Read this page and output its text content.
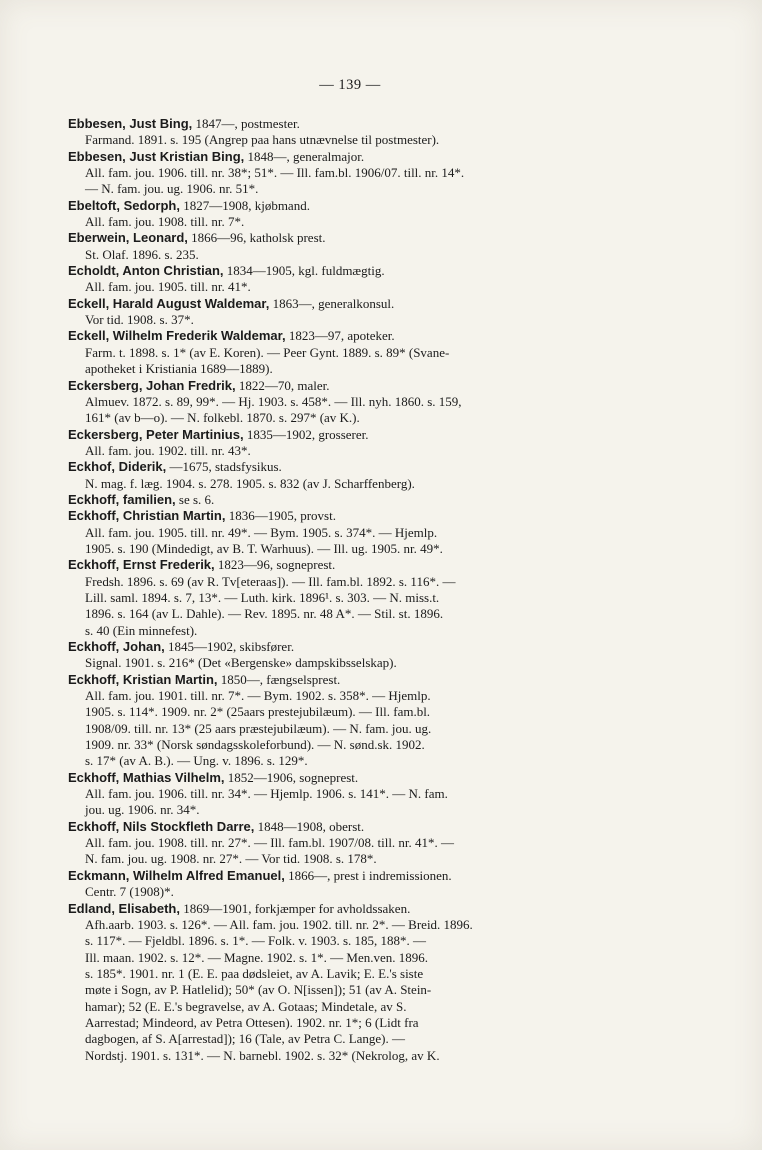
— 139 —
Ebbesen, Just Bing, 1847—, postmester.
Farmand. 1891. s. 195 (Angrep paa hans utnævnelse til postmester).
Ebbesen, Just Kristian Bing, 1848—, generalmajor.
All. fam. jou. 1906. till. nr. 38*; 51*. — Ill. fam.bl. 1906/07. till. nr. 14*.
— N. fam. jou. ug. 1906. nr. 51*.
Ebeltoft, Sedorph, 1827—1908, kjøbmand.
All. fam. jou. 1908. till. nr. 7*.
Eberwein, Leonard, 1866—96, katholsk prest.
St. Olaf. 1896. s. 235.
Echoldt, Anton Christian, 1834—1905, kgl. fuldmægtig.
All. fam. jou. 1905. till. nr. 41*.
Eckell, Harald August Waldemar, 1863—, generalkonsul.
Vor tid. 1908. s. 37*.
Eckell, Wilhelm Frederik Waldemar, 1823—97, apoteker.
Farm. t. 1898. s. 1* (av E. Koren). — Peer Gynt. 1889. s. 89* (Svane-
apotheket i Kristiania 1689—1889).
Eckersberg, Johan Fredrik, 1822—70, maler.
Almuev. 1872. s. 89, 99*. — Hj. 1903. s. 458*. — Ill. nyh. 1860. s. 159,
161* (av b—o). — N. folkebl. 1870. s. 297* (av K.).
Eckersberg, Peter Martinius, 1835—1902, grosserer.
All. fam. jou. 1902. till. nr. 43*.
Eckhof, Diderik, —1675, stadsfysikus.
N. mag. f. læg. 1904. s. 278. 1905. s. 832 (av J. Scharffenberg).
Eckhoff, familien, se s. 6.
Eckhoff, Christian Martin, 1836—1905, provst.
All. fam. jou. 1905. till. nr. 49*. — Bym. 1905. s. 374*. — Hjemlp.
1905. s. 190 (Mindedigt, av B. T. Warhuus). — Ill. ug. 1905. nr. 49*.
Eckhoff, Ernst Frederik, 1823—96, sogneprest.
Fredsh. 1896. s. 69 (av R. Tv[eteraas]). — Ill. fam.bl. 1892. s. 116*. —
Lill. saml. 1894. s. 7, 13*. — Luth. kirk. 1896¹. s. 303. — N. miss.t.
1896. s. 164 (av L. Dahle). — Rev. 1895. nr. 48 A*. — Stil. st. 1896.
s. 40 (Ein minnefest).
Eckhoff, Johan, 1845—1902, skibsfører.
Signal. 1901. s. 216* (Det «Bergenske» dampskibsselskap).
Eckhoff, Kristian Martin, 1850—, fængselsprest.
All. fam. jou. 1901. till. nr. 7*. — Bym. 1902. s. 358*. — Hjemlp.
1905. s. 114*. 1909. nr. 2* (25aars prestejubilæum). — Ill. fam.bl.
1908/09. till. nr. 13* (25 aars præstejubilæum). — N. fam. jou. ug.
1909. nr. 33* (Norsk søndagsskoleforbund). — N. sønd.sk. 1902.
s. 17* (av A. B.). — Ung. v. 1896. s. 129*.
Eckhoff, Mathias Vilhelm, 1852—1906, sogneprest.
All. fam. jou. 1906. till. nr. 34*. — Hjemlp. 1906. s. 141*. — N. fam.
jou. ug. 1906. nr. 34*.
Eckhoff, Nils Stockfleth Darre, 1848—1908, oberst.
All. fam. jou. 1908. till. nr. 27*. — Ill. fam.bl. 1907/08. till. nr. 41*. —
N. fam. jou. ug. 1908. nr. 27*. — Vor tid. 1908. s. 178*.
Eckmann, Wilhelm Alfred Emanuel, 1866—, prest i indremissionen.
Centr. 7 (1908)*.
Edland, Elisabeth, 1869—1901, forkjæmper for avholdssaken.
Afh.aarb. 1903. s. 126*. — All. fam. jou. 1902. till. nr. 2*. — Breid. 1896.
s. 117*. — Fjeldbl. 1896. s. 1*. — Folk. v. 1903. s. 185, 188*. —
Ill. maan. 1902. s. 12*. — Magne. 1902. s. 1*. — Men.ven. 1896.
s. 185*. 1901. nr. 1 (E. E. paa dødsleiet, av A. Lavik; E. E.'s siste
møte i Sogn, av P. Hatlelid); 50* (av O. N[issen]); 51 (av A. Stein-
hamar); 52 (E. E.'s begravelse, av A. Gotaas; Mindetale, av S.
Aarrestad; Mindeord, av Petra Ottesen). 1902. nr. 1*; 6 (Lidt fra
dagbogen, af S. A[arrestad]); 16 (Tale, av Petra C. Lange). —
Nordstj. 1901. s. 131*. — N. barnebl. 1902. s. 32* (Nekrolog, av K.
